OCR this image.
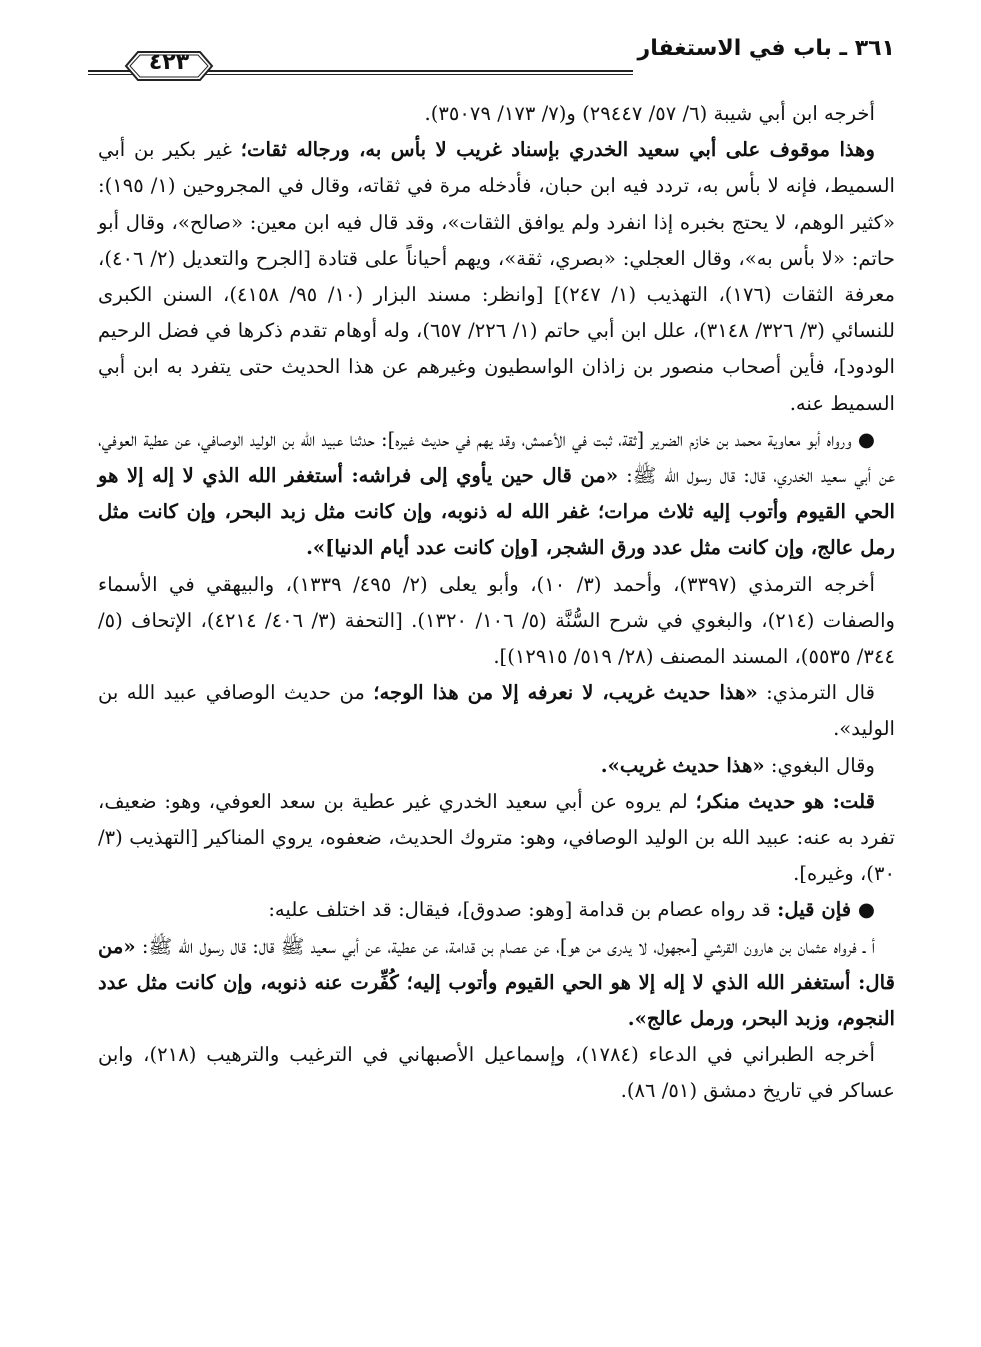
٣٦١ ـ باب في الاستغفار
٤٢٣

أخرجه ابن أبي شيبة (٦/ ٥٧/ ٢٩٤٤٧) و(٧/ ١٧٣/ ٣٥٠٧٩).

وهذا موقوف على أبي سعيد الخدري بإسناد غريب لا بأس به، ورجاله ثقات؛ غير بكير بن أبي السميط، فإنه لا بأس به، تردد فيه ابن حبان، فأدخله مرة في ثقاته، وقال في المجروحين (١/ ١٩٥): «كثير الوهم، لا يحتج بخبره إذا انفرد ولم يوافق الثقات»، وقد قال فيه ابن معين: «صالح»، وقال أبو حاتم: «لا بأس به»، وقال العجلي: «بصري، ثقة»، ويهم أحياناً على قتادة [الجرح والتعديل (٢/ ٤٠٦)، معرفة الثقات (١٧٦)، التهذيب (١/ ٢٤٧)] [وانظر: مسند البزار (١٠/ ٩٥/ ٤١٥٨)، السنن الكبرى للنسائي (٣/ ٣٢٦/ ٣١٤٨)، علل ابن أبي حاتم (١/ ٢٢٦/ ٦٥٧)، وله أوهام تقدم ذكرها في فضل الرحيم الودود]، فأين أصحاب منصور بن زاذان الواسطيون وغيرهم عن هذا الحديث حتى يتفرد به ابن أبي السميط عنه.

● ورواه أبو معاوية محمد بن خازم الضرير [ثقة، ثبت في الأعمش، وقد يهم في حديث غيره]: حدثنا عبيد الله بن الوليد الوصافي، عن عطية العوفي، عن أبي سعيد الخدري، قال: قال رسول الله ﷺ: «من قال حين يأوي إلى فراشه: أستغفر الله الذي لا إله إلا هو الحي القيوم وأتوب إليه ثلاث مرات؛ غفر الله له ذنوبه، وإن كانت مثل زبد البحر، وإن كانت مثل رمل عالج، وإن كانت مثل عدد ورق الشجر، [وإن كانت عدد أيام الدنيا]».

أخرجه الترمذي (٣٣٩٧)، وأحمد (٣/ ١٠)، وأبو يعلى (٢/ ٤٩٥/ ١٣٣٩)، والبيهقي في الأسماء والصفات (٢١٤)، والبغوي في شرح السُّنَّة (٥/ ١٠٦/ ١٣٢٠). [التحفة (٣/ ٤٠٦/ ٤٢١٤)، الإتحاف (٥/ ٣٤٤/ ٥٥٣٥)، المسند المصنف (٢٨/ ٥١٩/ ١٢٩١٥)].

قال الترمذي: «هذا حديث غريب، لا نعرفه إلا من هذا الوجه؛ من حديث الوصافي عبيد الله بن الوليد».

وقال البغوي: «هذا حديث غريب».

قلت: هو حديث منكر؛ لم يروه عن أبي سعيد الخدري غير عطية بن سعد العوفي، وهو: ضعيف، تفرد به عنه: عبيد الله بن الوليد الوصافي، وهو: متروك الحديث، ضعفوه، يروي المناكير [التهذيب (٣/ ٣٠)، وغيره].

● فإن قيل: قد رواه عصام بن قدامة [وهو: صدوق]، فيقال: قد اختلف عليه:

أ ـ فرواه عثمان بن هارون القرشي [مجهول، لا يدرى من هو]، عن عصام بن قدامة، عن عطية، عن أبي سعيد ﷺ قال: قال رسول الله ﷺ: «من قال: أستغفر الله الذي لا إله إلا هو الحي القيوم وأتوب إليه؛ كُفِّرت عنه ذنوبه، وإن كانت مثل عدد النجوم، وزبد البحر، ورمل عالج».

أخرجه الطبراني في الدعاء (١٧٨٤)، وإسماعيل الأصبهاني في الترغيب والترهيب (٢١٨)، وابن عساكر في تاريخ دمشق (٥١/ ٨٦).
